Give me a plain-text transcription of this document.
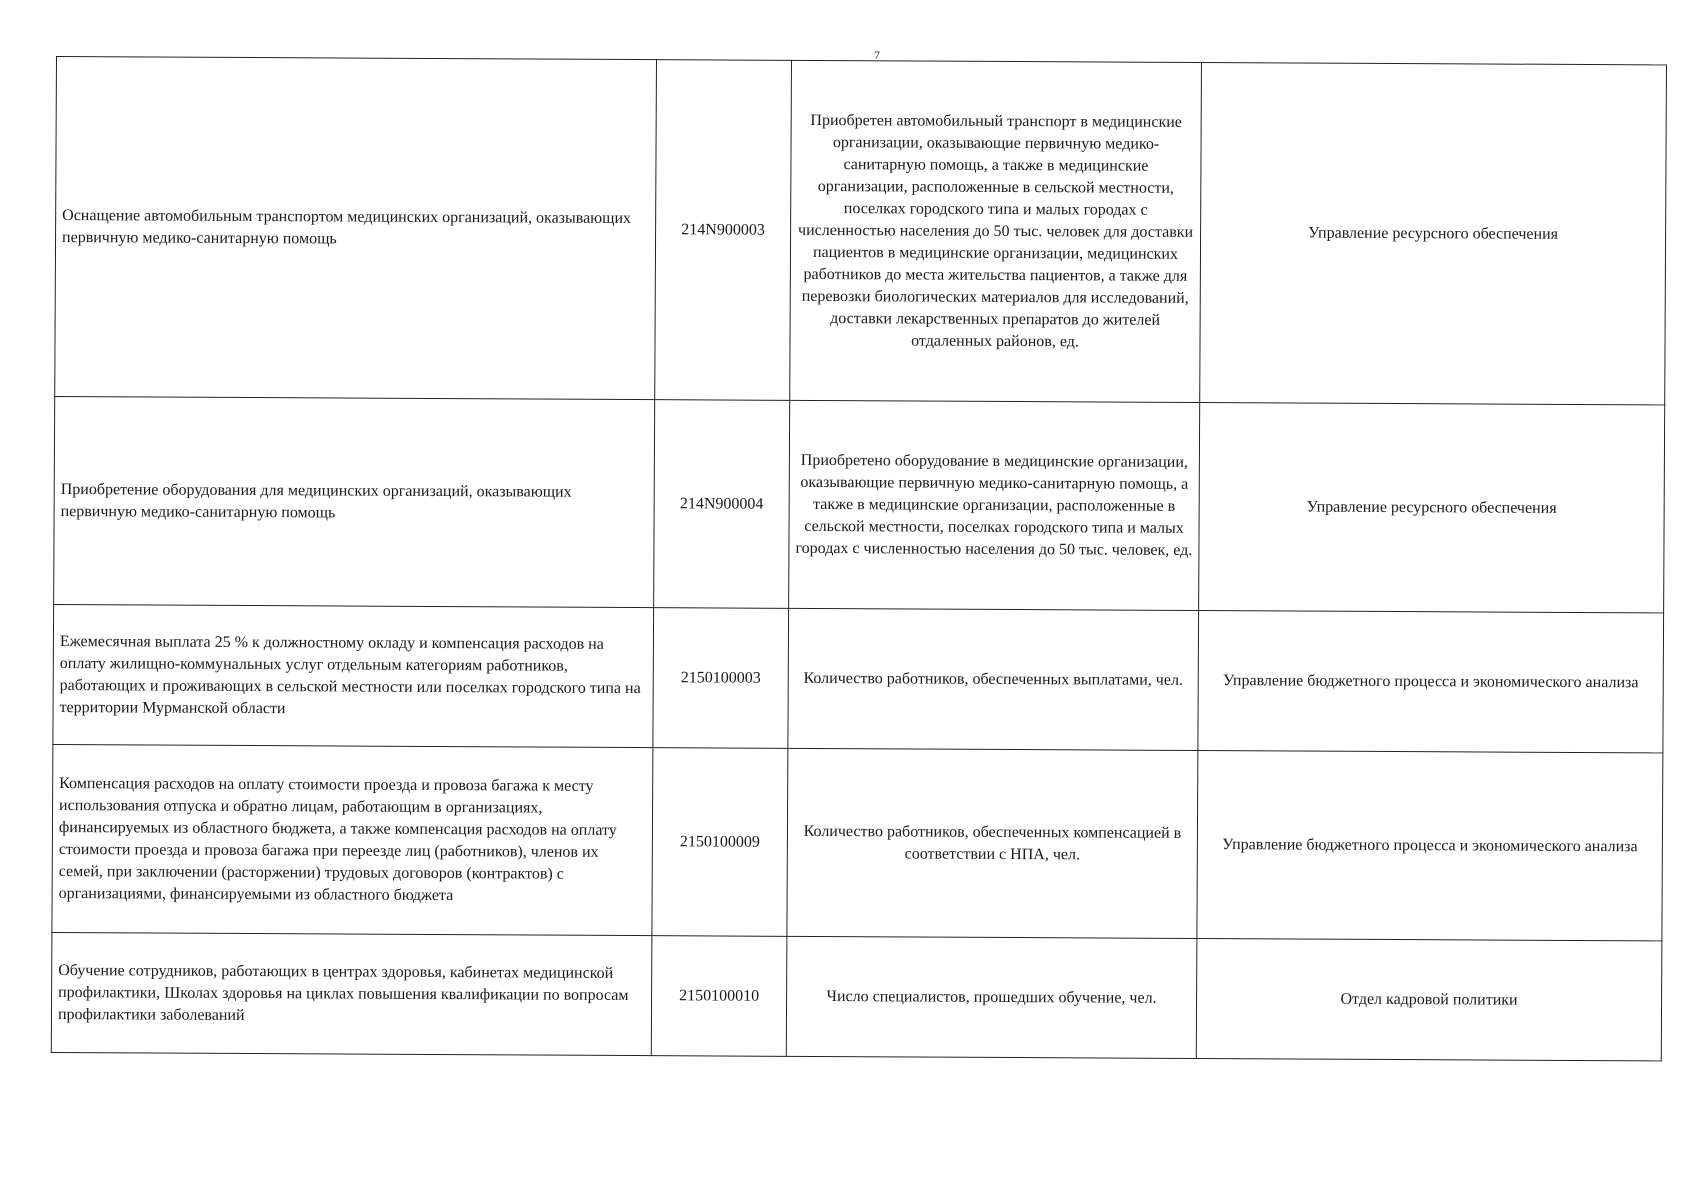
7
Оснащение автомобильным транспортом медицинских организаций, оказывающих первичную медико-санитарную помощь	214N900003	Приобретен автомобильный транспорт в медицинские организации, оказывающие первичную медико-санитарную помощь, а также в медицинские организации, расположенные в сельской местности, поселках городского типа и малых городах с численностью населения до 50 тыс. человек для доставки пациентов в медицинские организации, медицинских работников до места жительства пациентов, а также для перевозки биологических материалов для исследований, доставки лекарственных препаратов до жителей отдаленных районов, ед.	Управление ресурсного обеспечения
Приобретение оборудования для медицинских организаций, оказывающих первичную медико-санитарную помощь	214N900004	Приобретено оборудование в медицинские организации, оказывающие первичную медико-санитарную помощь, а также в медицинские организации, расположенные в сельской местности, поселках городского типа и малых городах с численностью населения до 50 тыс. человек, ед.	Управление ресурсного обеспечения
Ежемесячная выплата 25 % к должностному окладу и компенсация расходов на оплату жилищно-коммунальных услуг отдельным категориям работников, работающих и проживающих в сельской местности или поселках городского типа на территории Мурманской области	2150100003	Количество работников, обеспеченных выплатами, чел.	Управление бюджетного процесса и экономического анализа
Компенсация расходов на оплату стоимости проезда и провоза багажа к месту использования отпуска и обратно лицам, работающим в организациях, финансируемых из областного бюджета, а также компенсация расходов на оплату стоимости проезда и провоза багажа при переезде лиц (работников), членов их семей, при заключении (расторжении) трудовых договоров (контрактов) с организациями, финансируемыми из областного бюджета	2150100009	Количество работников, обеспеченных компенсацией в соответствии с НПА, чел.	Управление бюджетного процесса и экономического анализа
Обучение сотрудников, работающих в центрах здоровья, кабинетах медицинской профилактики, Школах здоровья на циклах повышения квалификации по вопросам профилактики заболеваний	2150100010	Число специалистов, прошедших обучение, чел.	Отдел кадровой политики
